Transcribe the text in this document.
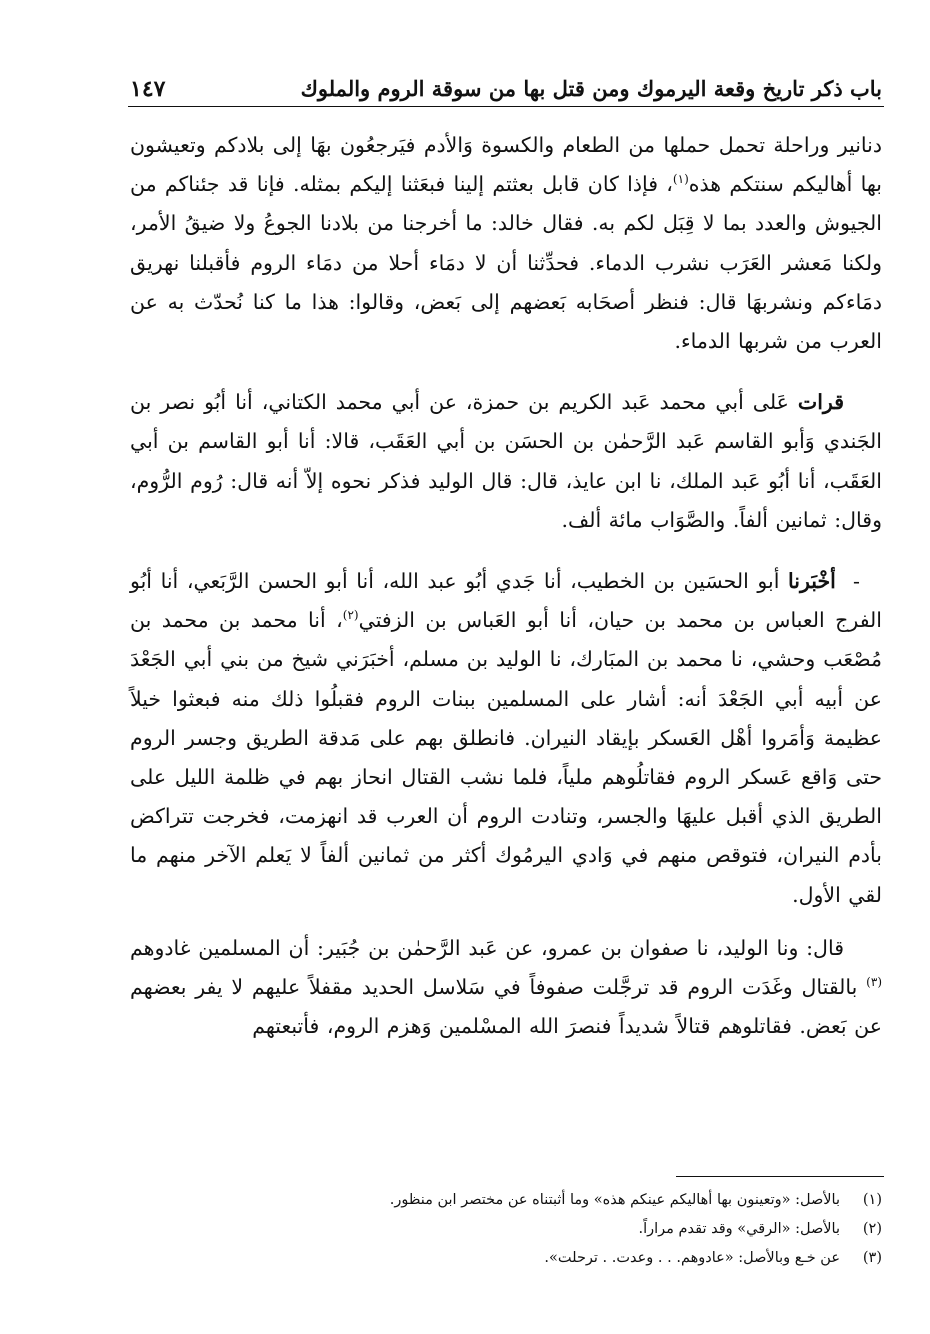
باب ذكر تاريخ وقعة اليرموك ومن قتل بها من سوقة الروم والملوك
١٤٧

دنانير وراحلة تحمل حملها من الطعام والكسوة وَالأدم فيَرجعُون بهَا إلى بلادكم وتعيشون بها أهاليكم سنتكم هذه$^{(١)}$، فإذا كان قابل بعثتم إلينا فبعَثنا إليكم بمثله. فإنا قد جئناكم من الجيوش والعدد بما لا قِبَل لكم به. فقال خالد: ما أخرجنا من بلادنا الجوعُ ولا ضيقُ الأمر، ولكنا مَعشر العَرَب نشرب الدماء. فحدِّثنا أن لا دمَاء أحلا من دمَاء الروم فأقبلنا نهريق دمَاءكم ونشربهَا قال: فنظر أصحَابه بَعضهم إلى بَعض، وقالوا: هذا ما كنا نُحدّث به عن العرب من شربها الدماء.

قرات عَلى أبي محمد عَبد الكريم بن حمزة، عن أبي محمد الكتاني، أنا أبُو نصر بن الجَندي وَأبو القاسم عَبد الرَّحمٰن بن الحسَن بن أبي العَقَب، قالا: أنا أبو القاسم بن أبي العَقَب، أنا أبُو عَبد الملك، نا ابن عايذ، قال: قال الوليد فذكر نحوه إلاّ أنه قال: رُوم الرُّوم، وقال: ثمانين ألفاً. والصَّوَاب مائة ألف.

-  أخْبَرنا أبو الحسَين بن الخطيب، أنا جَدي أبُو عبد الله، أنا أبو الحسن الرَّبَعي، أنا أبُو الفرج العباس بن محمد بن حيان، أنا أبو العَباس بن الزفتي$^{(٢)}$، أنا محمد بن محمد بن مُصْعَب وحشي، نا محمد بن المبَارك، نا الوليد بن مسلم، أخبَرَني شيخ من بني أبي الجَعْدَ عن أبيه أبي الجَعْدَ أنه: أشار على المسلمين ببنات الروم فقبلُوا ذلك منه فبعثوا خيلاً عظيمة وَأمَروا أهْل العَسكر بإيقاد النيران. فانطلق بهم على مَدقة الطريق وجسر الروم حتى وَاقع عَسكر الروم فقاتلُوهم ملياً، فلما نشب القتال انحاز بهم في ظلمة الليل على الطريق الذي أقبل عليهَا والجسر، وتنادت الروم أن العرب قد انهزمت، فخرجت تتراكض بأدم النيران، فتوقص منهم في وَادي اليرمُوك أكثر من ثمانين ألفاً لا يَعلم الآخر منهم ما لقي الأول.

قال: ونا الوليد، نا صفوان بن عمرو، عن عَبد الرَّحمٰن بن جُبَير: أن المسلمين غادوهم $^{(٣)}$ بالقتال وغَدَت الروم قد ترجَّلت صفوفاً في سَلاسل الحديد مقفلاً عليهم لا يفر بعضهم عن بَعض. فقاتلوهم قتالاً شديداً فنصرَ الله المسْلمين وَهزم الروم، فأتبعتهم

(١)
بالأصل: «وتعينون بها أهاليكم عينكم هذه» وما أثبتناه عن مختصر ابن منظور.
(٢)
بالأصل: «الرقي» وقد تقدم مراراً.
(٣)
عن خـع وبالأصل: «عادوهم. . . وعدت. . ترحلت».
